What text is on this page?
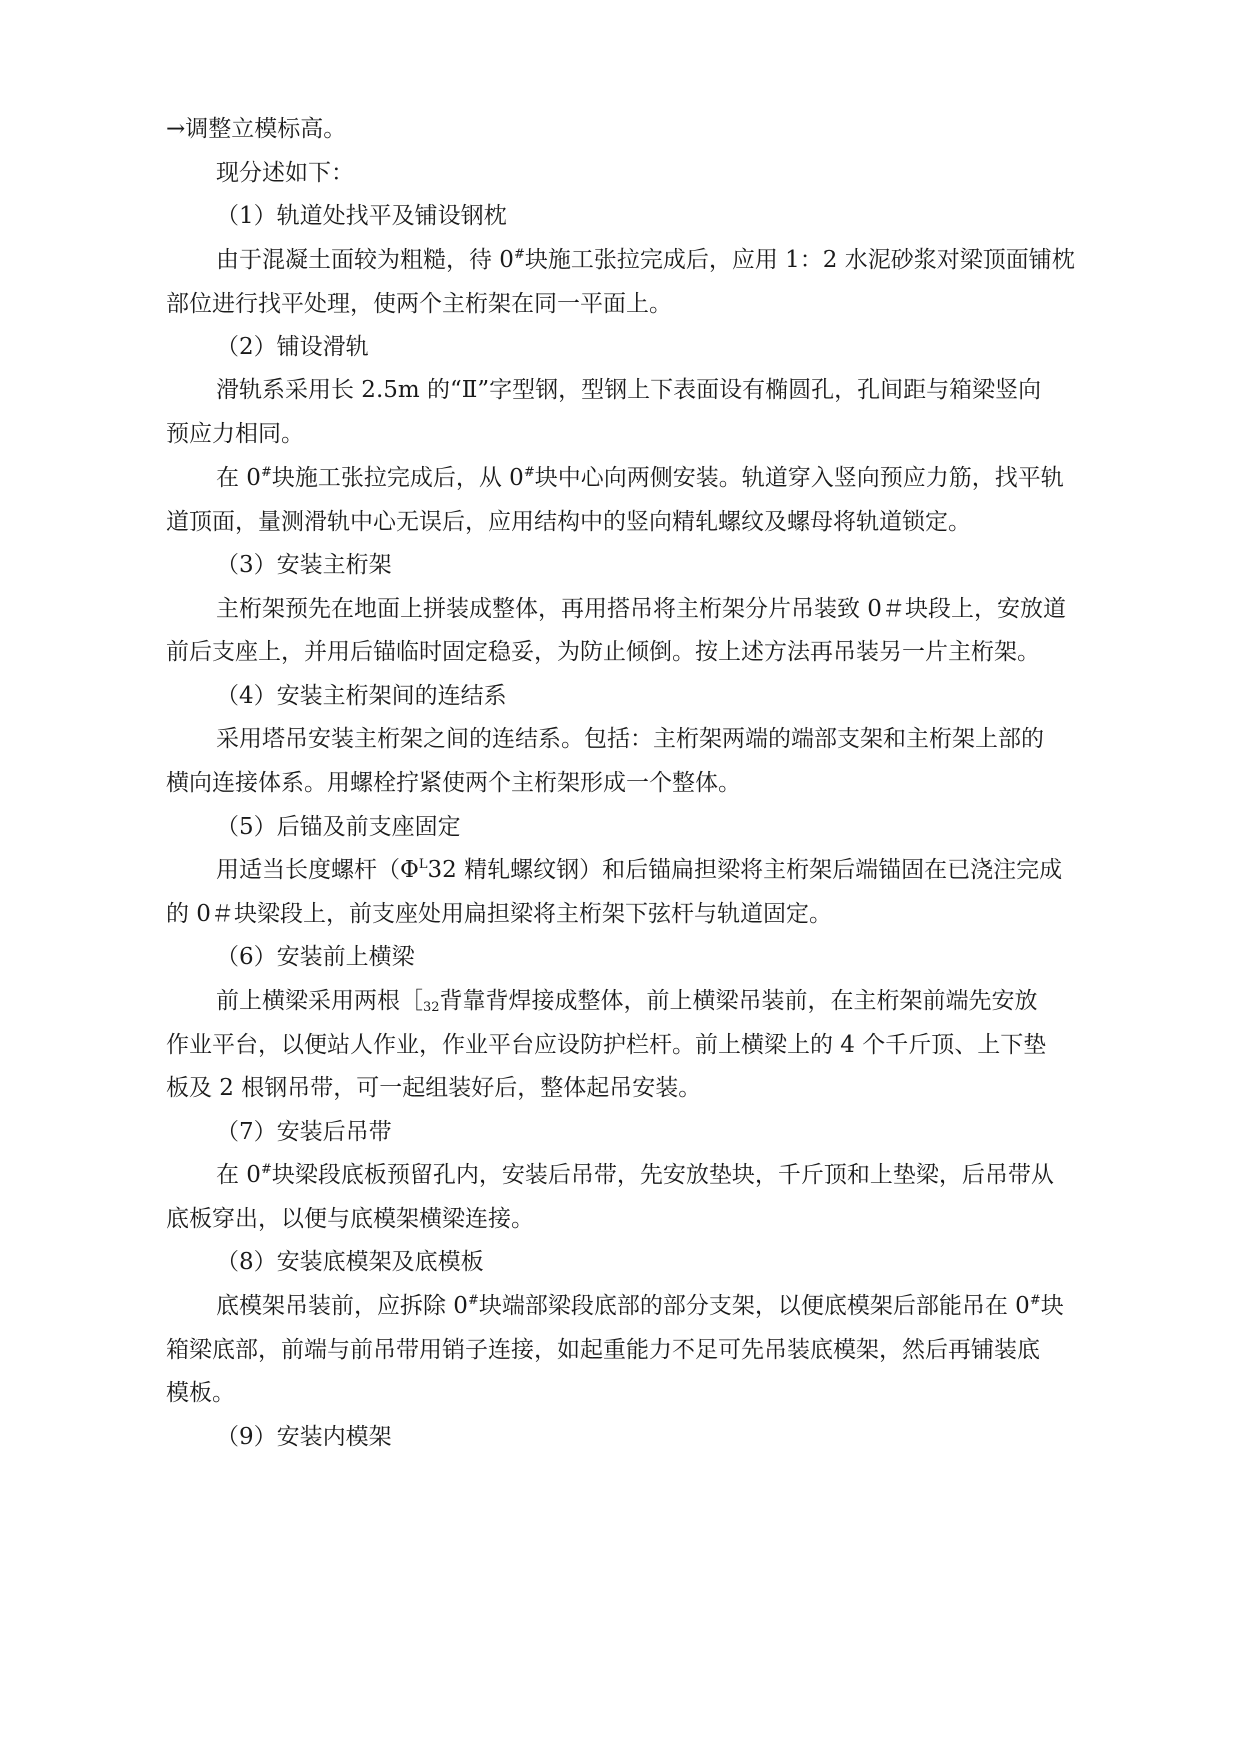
→调整立模标高。

现分述如下：

（1）轨道处找平及铺设钢枕

由于混凝土面较为粗糙，待 0#块施工张拉完成后，应用 1：2 水泥砂浆对梁顶面铺枕

部位进行找平处理，使两个主桁架在同一平面上。

（2）铺设滑轨

滑轨系采用长 2.5m 的“Ⅱ”字型钢，型钢上下表面设有椭圆孔，孔间距与箱梁竖向

预应力相同。

在 0#块施工张拉完成后，从 0#块中心向两侧安装。轨道穿入竖向预应力筋，找平轨

道顶面，量测滑轨中心无误后，应用结构中的竖向精轧螺纹及螺母将轨道锁定。

（3）安装主桁架

主桁架预先在地面上拼装成整体，再用搭吊将主桁架分片吊装致 0＃块段上，安放道

前后支座上，并用后锚临时固定稳妥，为防止倾倒。按上述方法再吊装另一片主桁架。

（4）安装主桁架间的连结系

采用塔吊安装主桁架之间的连结系。包括：主桁架两端的端部支架和主桁架上部的

横向连接体系。用螺栓拧紧使两个主桁架形成一个整体。

（5）后锚及前支座固定

用适当长度螺杆（$\Phi^L32$ 精轧螺纹钢）和后锚扁担梁将主桁架后端锚固在已浇注完成

的 0＃块梁段上，前支座处用扁担梁将主桁架下弦杆与轨道固定。

（6）安装前上横梁

前上横梁采用两根$[_{32}$背靠背焊接成整体，前上横梁吊装前，在主桁架前端先安放

作业平台，以便站人作业，作业平台应设防护栏杆。前上横梁上的 4 个千斤顶、上下垫

板及 2 根钢吊带，可一起组装好后，整体起吊安装。

（7）安装后吊带

在 0#块梁段底板预留孔内，安装后吊带，先安放垫块，千斤顶和上垫梁，后吊带从

底板穿出，以便与底模架横梁连接。

（8）安装底模架及底模板

底模架吊装前，应拆除 0#块端部梁段底部的部分支架，以便底模架后部能吊在 0#块

箱梁底部，前端与前吊带用销子连接，如起重能力不足可先吊装底模架，然后再铺装底

模板。

（9）安装内模架
